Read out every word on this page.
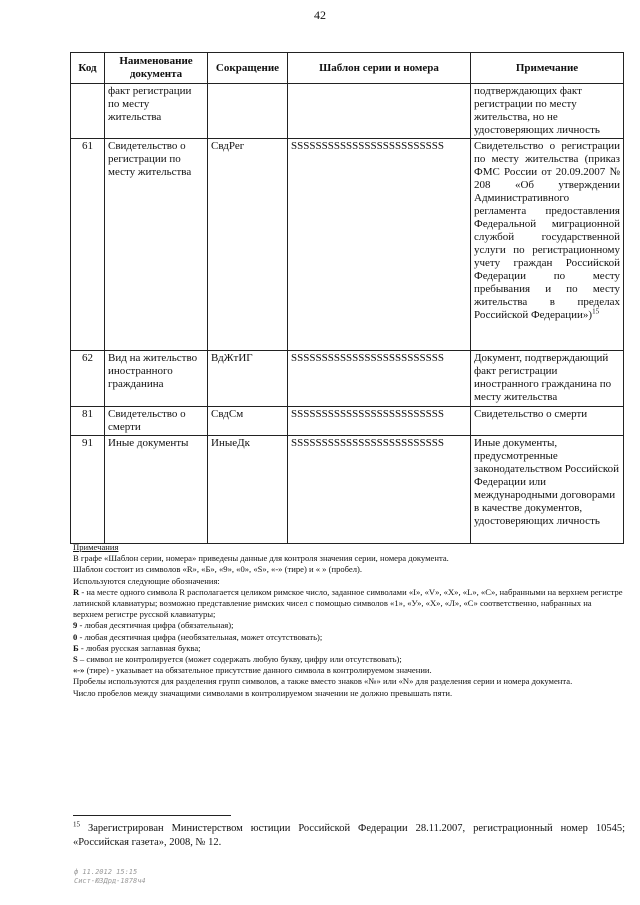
42
Код	Наименование документа	Сокращение	Шаблон серии и номера	Примечание
	факт регистрации по месту жительства			подтверждающих факт регистрации по месту жительства, но не удостоверяющих личность
61	Свидетельство о регистрации по месту жительства	СвдРег	SSSSSSSSSSSSSSSSSSSSSSSSS	Свидетельство о регистрации по месту жительства (приказ ФМС России от 20.09.2007 № 208 «Об утверждении Административного регламента предоставления Федеральной миграционной службой государственной услуги по регистрационному учету граждан Российской Федерации по месту пребывания и по месту жительства в пределах Российской Федерации»)$^{15}$
62	Вид на жительство иностранного гражданина	ВдЖтИГ	SSSSSSSSSSSSSSSSSSSSSSSSS	Документ, подтверждающий факт регистрации иностранного гражданина по месту жительства
81	Свидетельство о смерти	СвдСм	SSSSSSSSSSSSSSSSSSSSSSSSS	Свидетельство о смерти
91	Иные документы	ИныеДк	SSSSSSSSSSSSSSSSSSSSSSSSS	Иные документы, предусмотренные законодательством Российской Федерации или международными договорами в качестве документов, удостоверяющих личность

Примечания

В графе «Шаблон серии, номера» приведены данные для контроля значения серии, номера документа.

Шаблон состоит из символов «R», «Б», «9», «0», «S», «-» (тире) и « » (пробел).

Используются следующие обозначения:

R - на месте одного символа R располагается целиком римское число, заданное символами «I», «V», «X», «L», «C», набранными на верхнем регистре латинской клавиатуры; возможно представление римских чисел с помощью символов «1», «У», «Х», «Л», «С» соответственно, набранных на верхнем регистре русской клавиатуры;

9 - любая десятичная цифра (обязательная);

0 - любая десятичная цифра (необязательная, может отсутствовать);

Б - любая русская заглавная буква;

S – символ не контролируется (может содержать любую букву, цифру или отсутствовать);

«-» (тире) - указывает на обязательное присутствие данного символа в контролируемом значении.

Пробелы используются для разделения групп символов, а также вместо знаков «№» или «N» для разделения серии и номера документа.

Число пробелов между значащими символами в контролируемом значении не должно превышать пяти.

$^{15}$ Зарегистрирован Министерством юстиции Российской Федерации 28.11.2007, регистрационный номер 10545; «Российская газета», 2008, № 12.
ф 11.2012 15:15
Сист-ЮЗДрд-1878ч4
